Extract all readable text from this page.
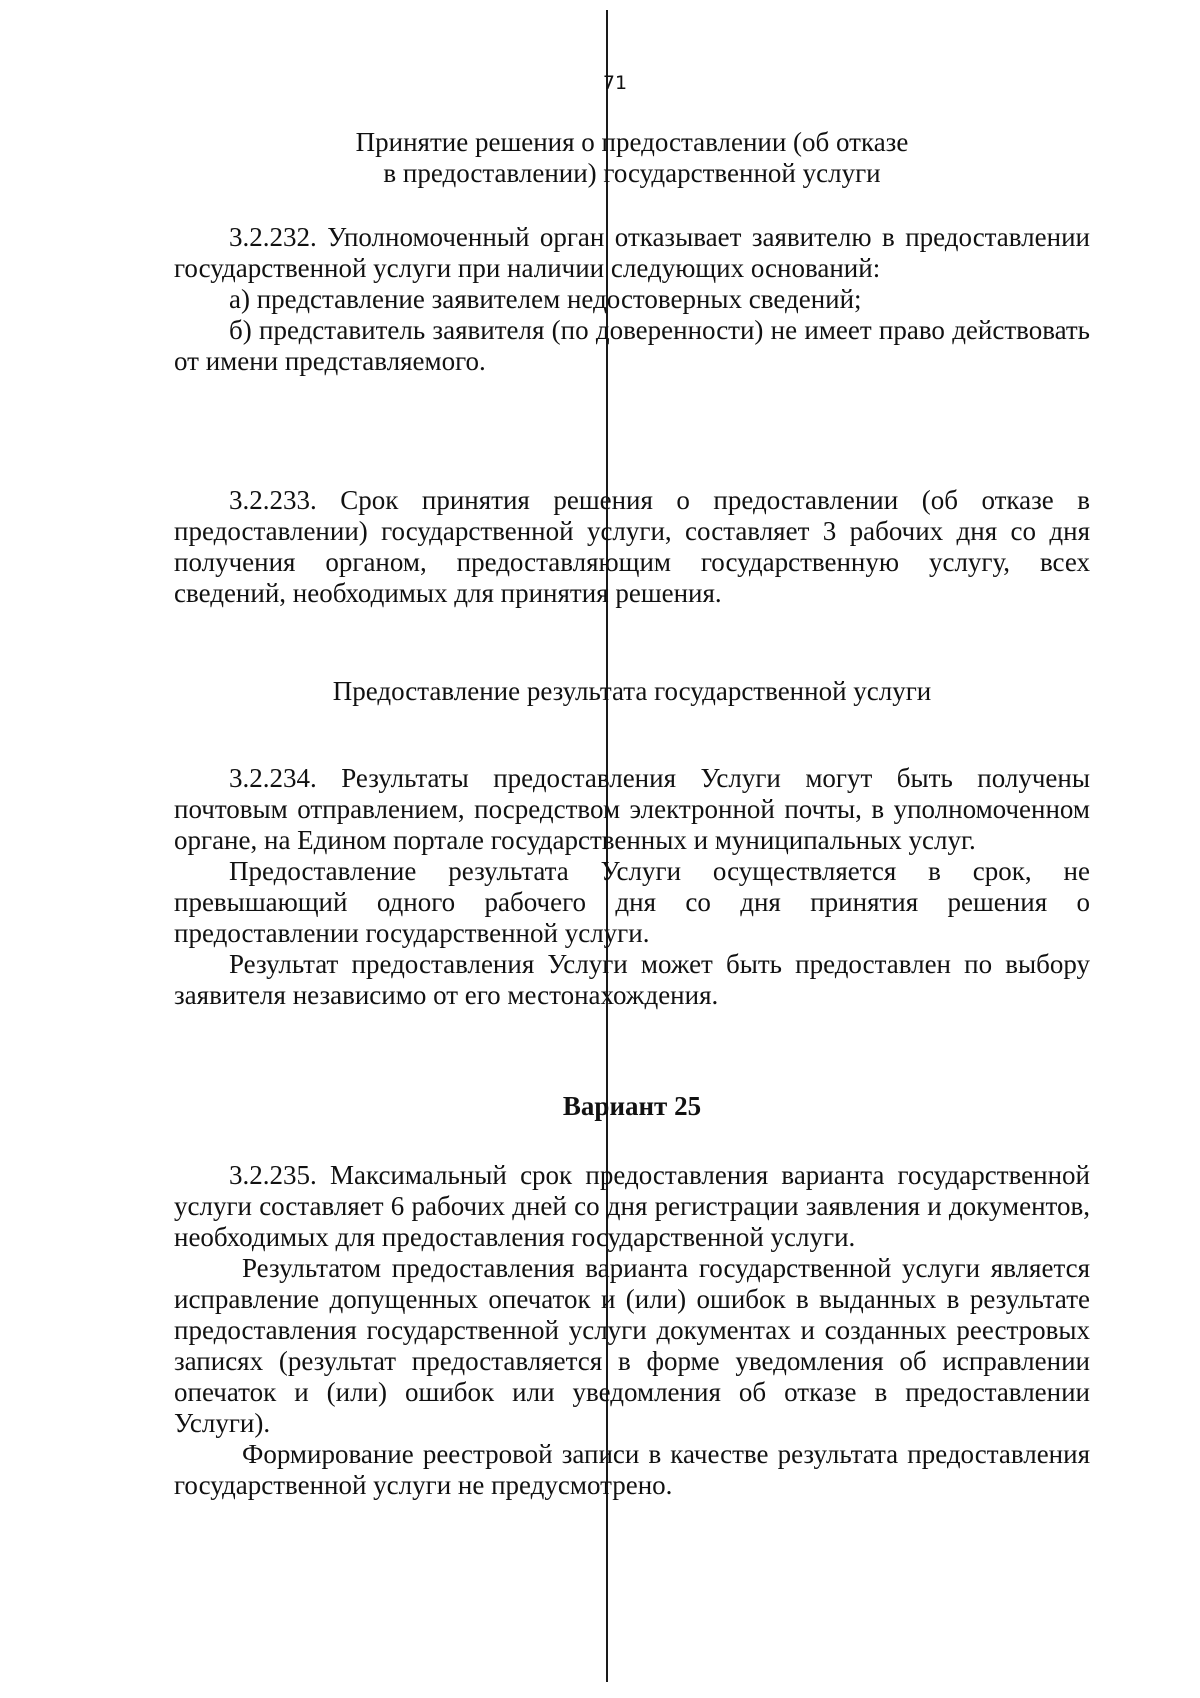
71
Принятие решения о предоставлении (об отказе
в предоставлении) государственной услуги

3.2.232. Уполномоченный орган отказывает заявителю в предоставлении государственной услуги при наличии следующих оснований:

а) представление заявителем недостоверных сведений;

б) представитель заявителя (по доверенности) не имеет право действовать от имени представляемого.

3.2.233. Срок принятия решения о предоставлении (об отказе в предоставлении) государственной услуги, составляет 3 рабочих дня со дня получения органом, предоставляющим государственную услугу, всех сведений, необходимых для принятия решения.

Предоставление результата государственной услуги

3.2.234. Результаты предоставления Услуги могут быть получены почтовым отправлением, посредством электронной почты, в уполномоченном органе, на Едином портале государственных и муниципальных услуг.

Предоставление результата Услуги осуществляется в срок, не превышающий одного рабочего дня со дня принятия решения о предоставлении государственной услуги.

Результат предоставления Услуги может быть предоставлен по выбору заявителя независимо от его местонахождения.

Вариант 25

3.2.235. Максимальный срок предоставления варианта государственной услуги составляет 6 рабочих дней со дня регистрации заявления и документов, необходимых для предоставления государственной услуги.

Результатом предоставления варианта государственной услуги является исправление допущенных опечаток и (или) ошибок в выданных в результате предоставления государственной услуги документах и созданных реестровых записях (результат предоставляется в форме уведомления об исправлении опечаток и (или) ошибок или уведомления об отказе в предоставлении Услуги).

Формирование реестровой записи в качестве результата предоставления государственной услуги не предусмотрено.
